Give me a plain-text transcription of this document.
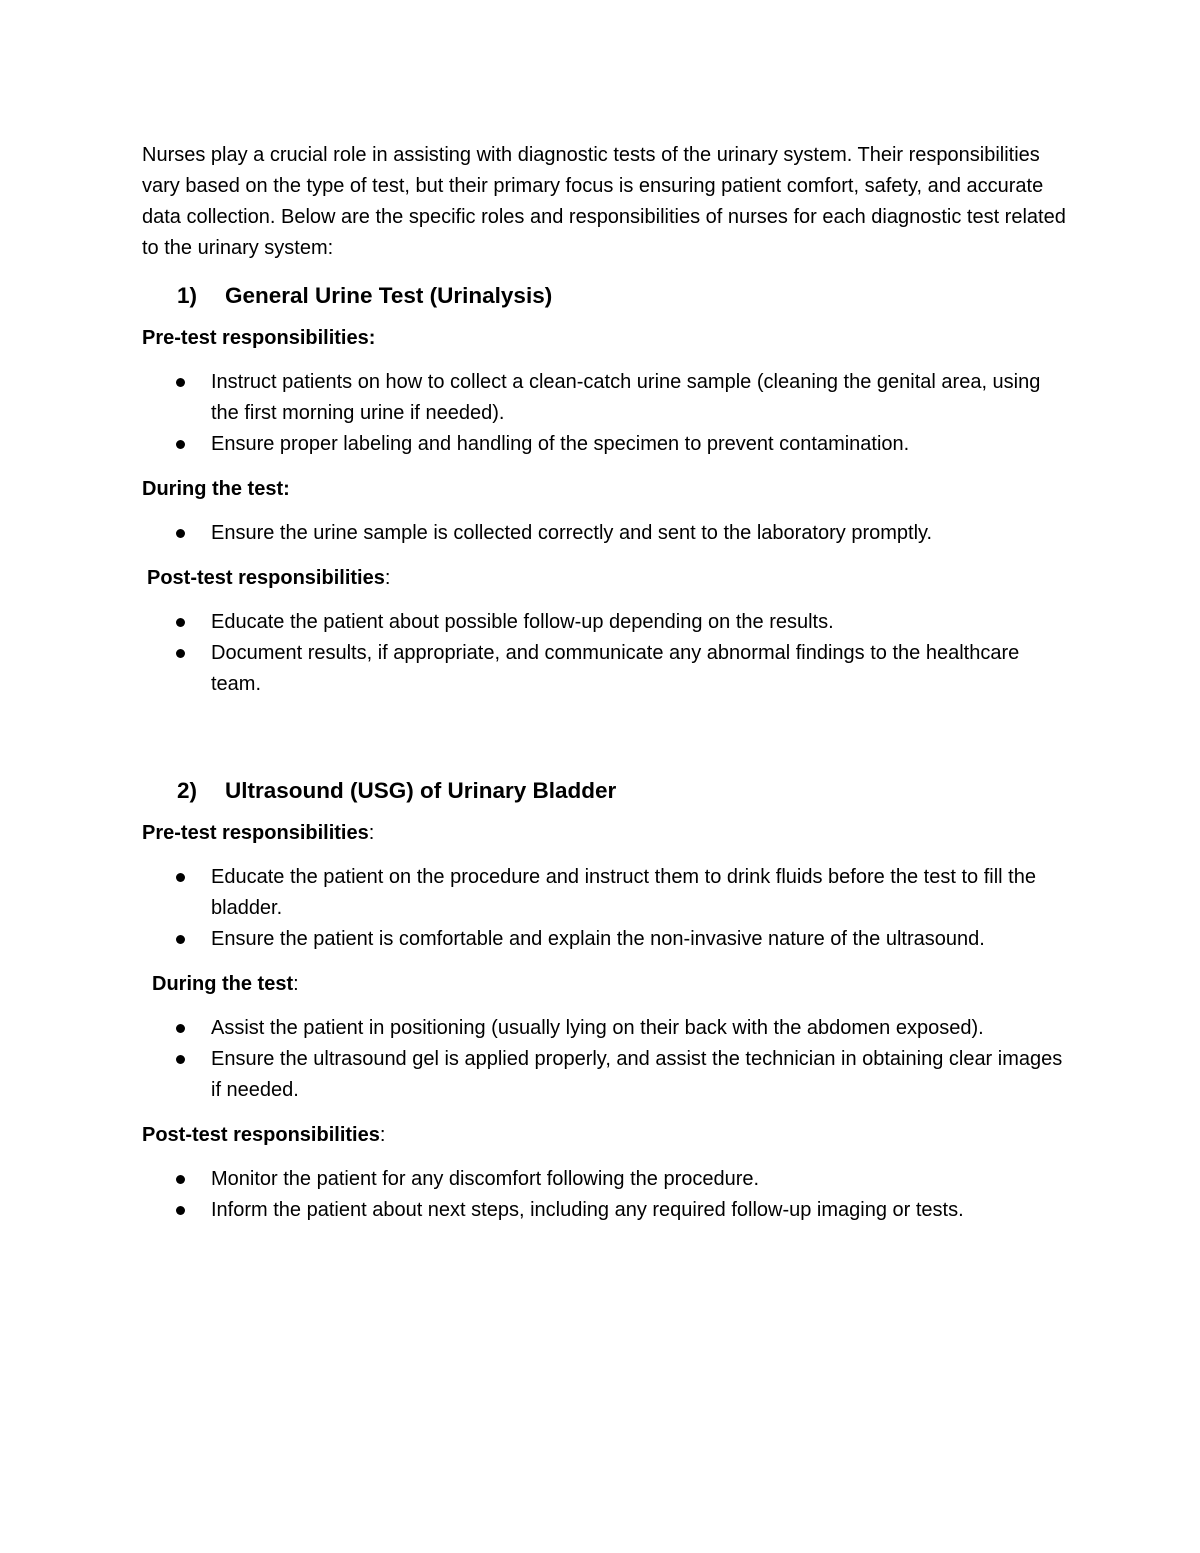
Nurses play a crucial role in assisting with diagnostic tests of the urinary system. Their responsibilities vary based on the type of test, but their primary focus is ensuring patient comfort, safety, and accurate data collection. Below are the specific roles and responsibilities of nurses for each diagnostic test related to the urinary system:

1)	General Urine Test (Urinalysis)
Pre-test responsibilities:
Instruct patients on how to collect a clean-catch urine sample (cleaning the genital area, using the first morning urine if needed).
Ensure proper labeling and handling of the specimen to prevent contamination.
During the test:
Ensure the urine sample is collected correctly and sent to the laboratory promptly.
Post-test responsibilities:
Educate the patient about possible follow-up depending on the results.
Document results, if appropriate, and communicate any abnormal findings to the healthcare team.
2)	Ultrasound (USG) of Urinary Bladder
Pre-test responsibilities:
Educate the patient on the procedure and instruct them to drink fluids before the test to fill the bladder.
Ensure the patient is comfortable and explain the non-invasive nature of the ultrasound.
During the test:
Assist the patient in positioning (usually lying on their back with the abdomen exposed).
Ensure the ultrasound gel is applied properly, and assist the technician in obtaining clear images if needed.
Post-test responsibilities:
Monitor the patient for any discomfort following the procedure.
Inform the patient about next steps, including any required follow-up imaging or tests.
